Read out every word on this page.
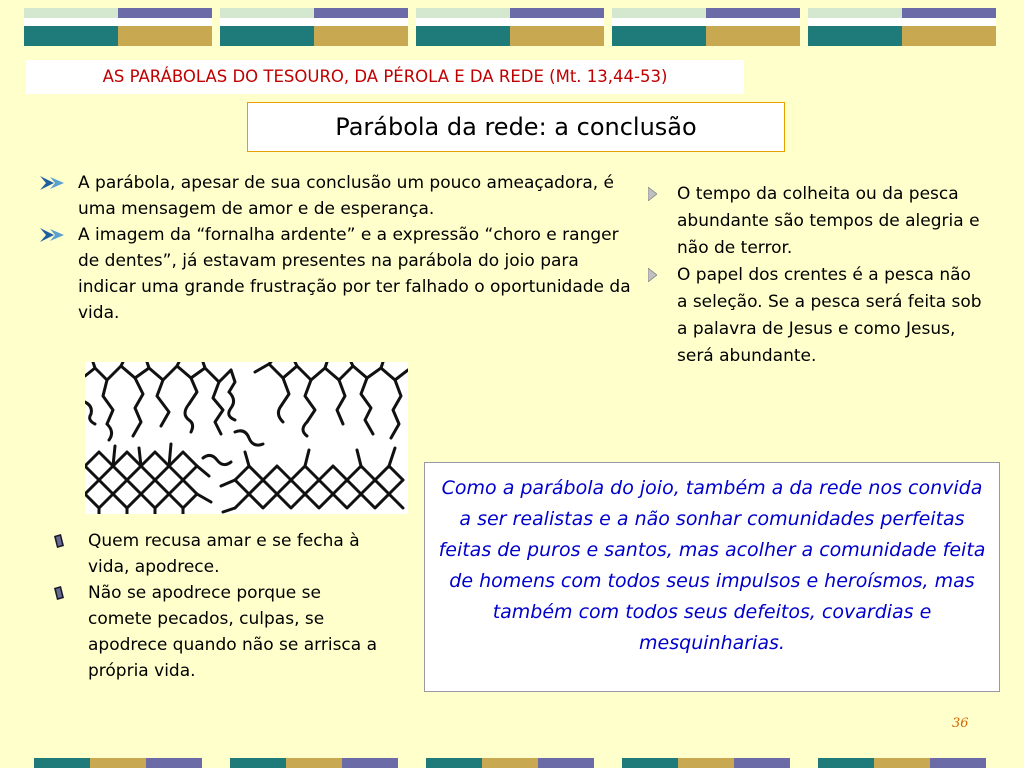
AS PARÁBOLAS DO TESOURO, DA PÉROLA E DA REDE (Mt. 13,44-53)
Parábola da rede: a conclusão
A parábola, apesar de sua conclusão um pouco ameaçadora, é uma mensagem de amor e de esperança.
A imagem da “fornalha ardente” e a expressão “choro e ranger de dentes”, já estavam presentes na parábola do joio para indicar uma grande frustração por ter falhado o oportunidade da vida.
O tempo da colheita ou da pesca abundante são tempos de alegria e não de terror.
O papel dos crentes é a pesca não a seleção. Se a pesca será feita sob a palavra de Jesus e como Jesus, será abundante.
Quem recusa amar e se fecha à vida, apodrece.
Não se apodrece porque se comete pecados, culpas, se apodrece quando não se arrisca a própria vida.
Como a parábola do joio, também a da rede nos convida a ser realistas e a não sonhar comunidades perfeitas feitas de puros e santos, mas acolher a comunidade feita de homens com todos seus impulsos e heroísmos, mas também com todos seus defeitos, covardias e mesquinharias.
36
